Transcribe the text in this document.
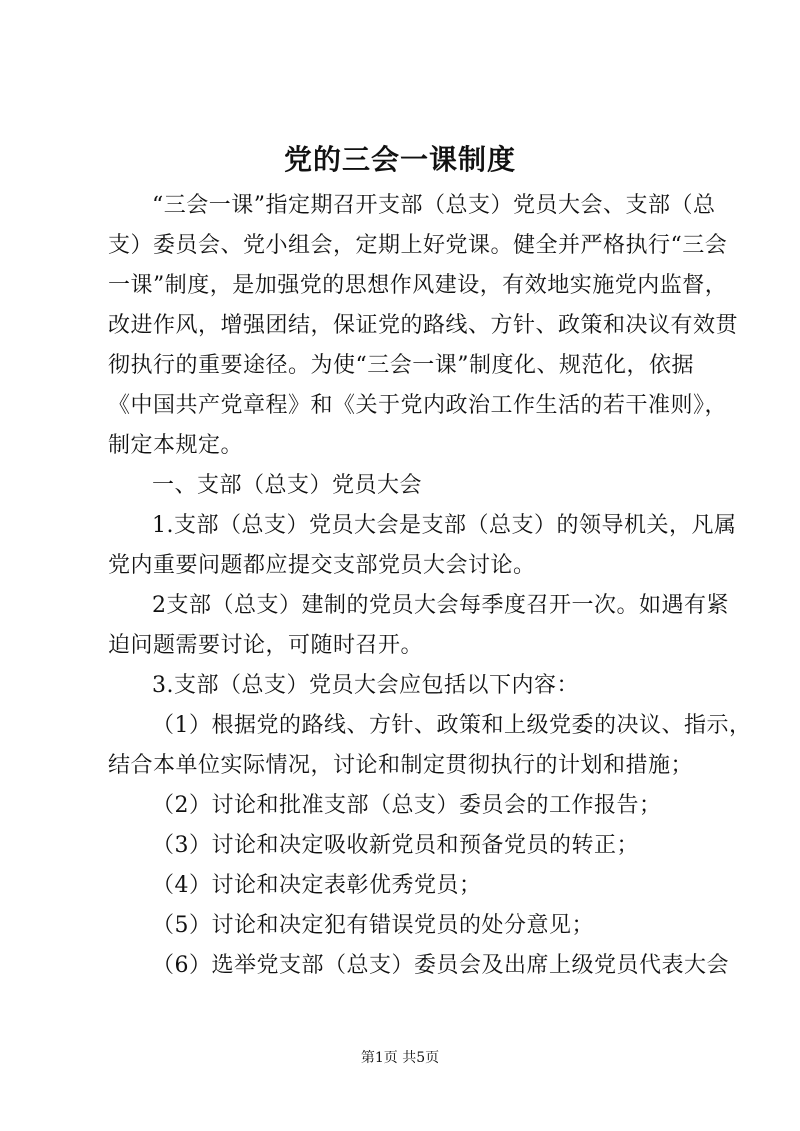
党的三会一课制度
“三会一课”指定期召开支部（总支）党员大会、支部（总
支）委员会、党小组会，定期上好党课。健全并严格执行“三会
一课”制度，是加强党的思想作风建设，有效地实施党内监督，
改进作风，增强团结，保证党的路线、方针、政策和决议有效贯
彻执行的重要途径。为使“三会一课”制度化、规范化，依据
《中国共产党章程》和《关于党内政治工作生活的若干准则》，
制定本规定。
一、支部（总支）党员大会
1.支部（总支）党员大会是支部（总支）的领导机关，凡属
党内重要问题都应提交支部党员大会讨论。
2支部（总支）建制的党员大会每季度召开一次。如遇有紧
迫问题需要讨论，可随时召开。
3.支部（总支）党员大会应包括以下内容：
（1）根据党的路线、方针、政策和上级党委的决议、指示，
结合本单位实际情况，讨论和制定贯彻执行的计划和措施；
（2）讨论和批准支部（总支）委员会的工作报告；
（3）讨论和决定吸收新党员和预备党员的转正；
（4）讨论和决定表彰优秀党员；
（5）讨论和决定犯有错误党员的处分意见；
（6）选举党支部（总支）委员会及出席上级党员代表大会
第1页 共5页
